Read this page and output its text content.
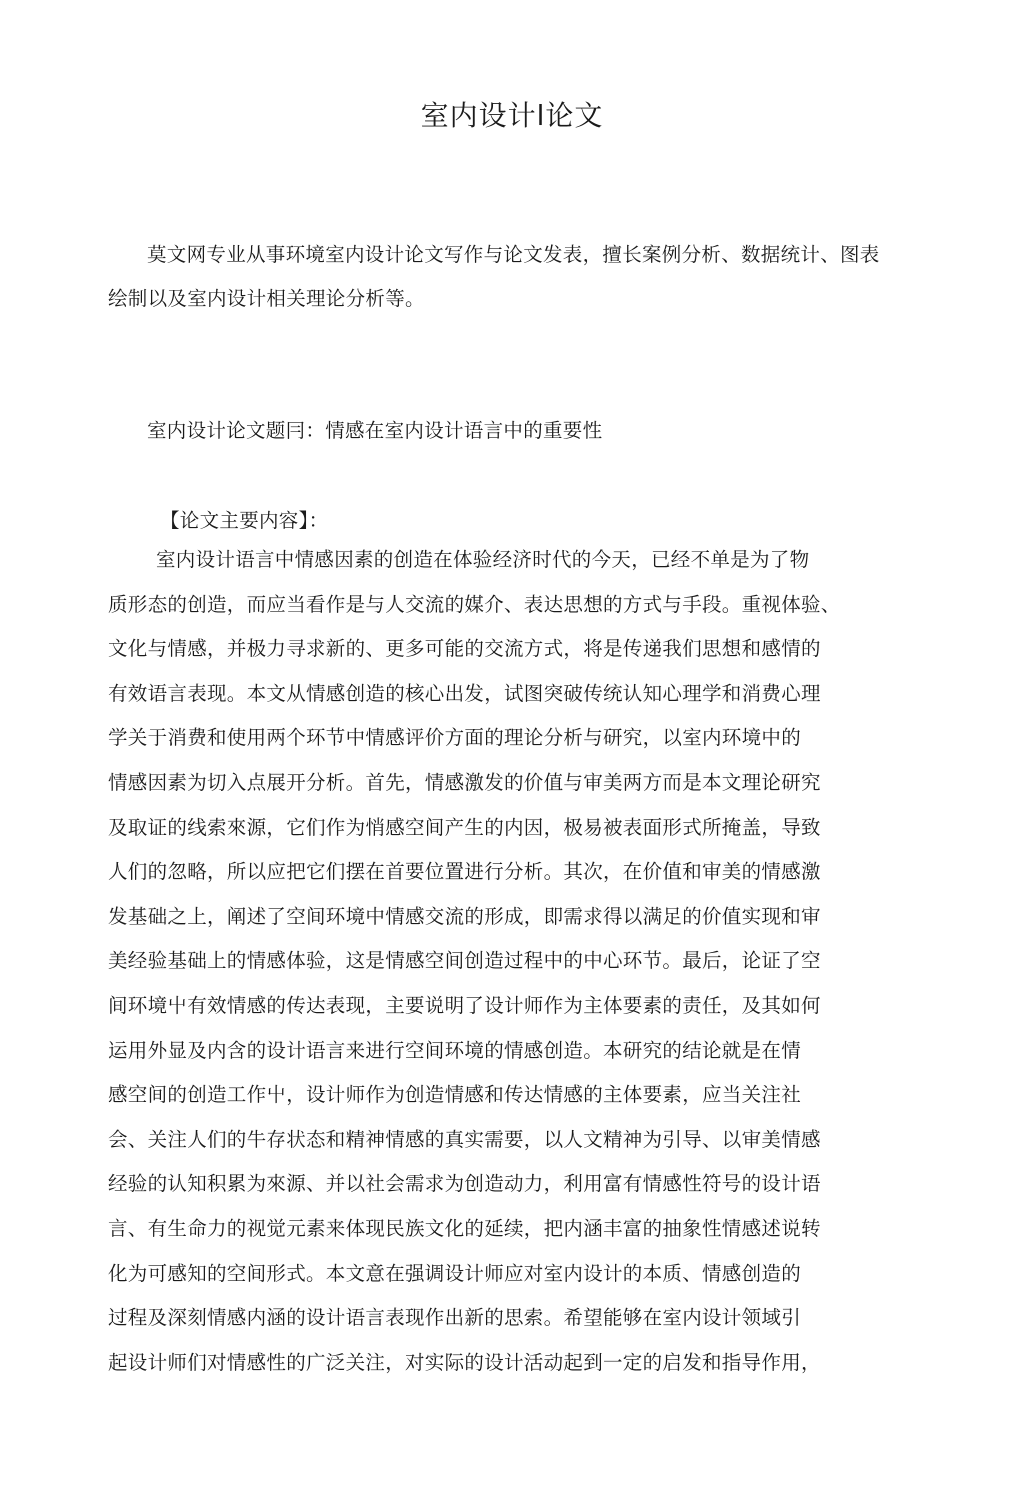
室内设计l论文
莫文网专业从事环境室内设计论文写作与论文发表，擅长案例分析、数据统计、图表绘制以及室内设计相关理论分析等。
室内设计论文题冃：情感在室内设计语言中的重要性
【论文主要内容】：
室内设计语言中情感因素的创造在体验经济时代的今天，已经不单是为了物
质形态的创造，而应当看作是与人交流的媒介、表达思想的方式与手段。重视体验、
文化与情感，并极力寻求新的、更多可能的交流方式，将是传递我们思想和感情的
有效语言表现。本文从情感创造的核心出发，试图突破传统认知心理学和消费心理
学关于消费和使用两个环节中情感评价方面的理论分析与研究，以室内环境中的
情感因素为切入点展开分析。首先，情感激发的价值与审美两方而是本文理论研究
及取证的线索來源，它们作为悄感空间产生的内因，极易被表面形式所掩盖，导致
人们的忽略，所以应把它们摆在首要位置进行分析。其次，在价值和审美的情感激
发基础之上，阐述了空间环境中情感交流的形成，即需求得以满足的价值实现和审
美经验基础上的情感体验，这是情感空间创造过程中的中心环节。最后，论证了空
间环境屮有效情感的传达表现，主要说明了设计师作为主体要素的责任，及其如何
运用外显及内含的设计语言来进行空间环境的情感创造。本研究的结论就是在情
感空间的创造工作屮，设计师作为创造情感和传达情感的主体要素，应当关注社
会、关注人们的牛存状态和精神情感的真实需要，以人文精神为引导、以审美情感
经验的认知积累为來源、并以社会需求为创造动力，利用富有情感性符号的设计语
言、有生命力的视觉元素来体现民族文化的延续，把内涵丰富的抽象性情感述说转
化为可感知的空间形式。本文意在强调设计师应对室内设计的本质、情感创造的
过程及深刻情感内涵的设计语言表现作出新的思索。希望能够在室内设计领域引
起设计师们对情感性的广泛关注，对实际的设计活动起到一定的启发和指导作用，
